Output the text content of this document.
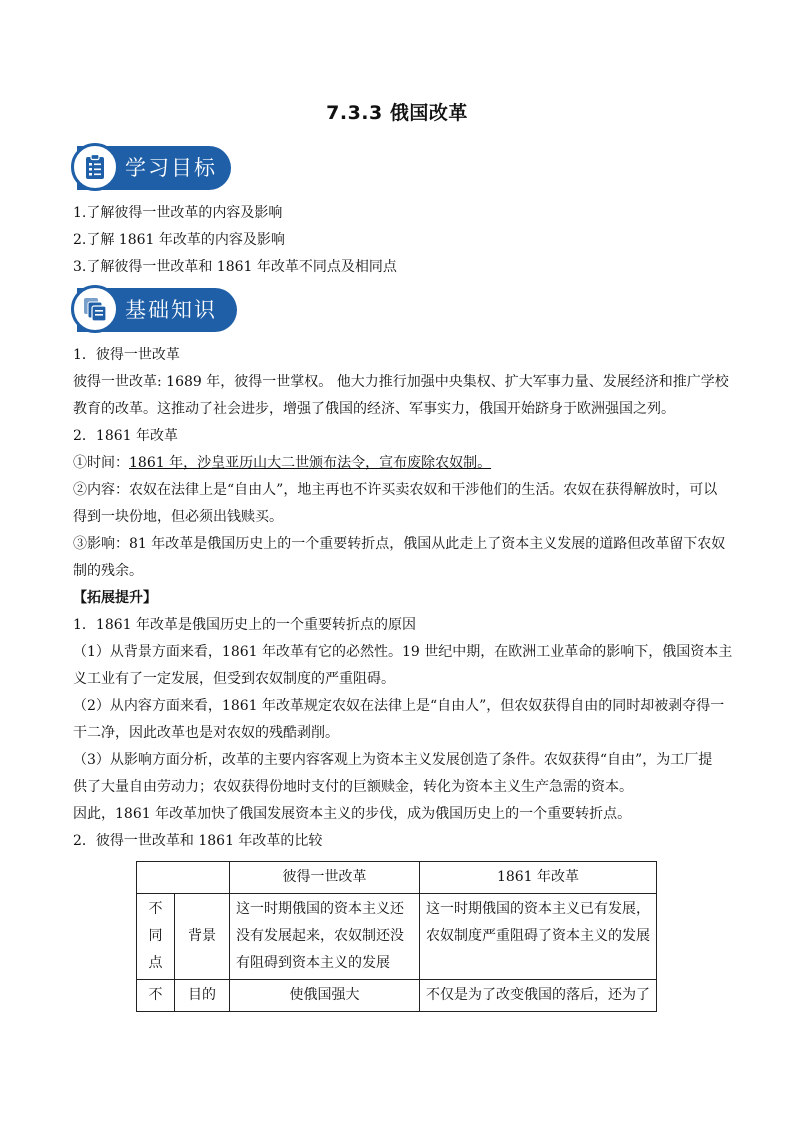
7.3.3 俄国改革
学习目标
1.了解彼得一世改革的内容及影响
2.了解 1861 年改革的内容及影响
3.了解彼得一世改革和 1861 年改革不同点及相同点
基础知识
1．彼得一世改革
彼得一世改革: 1689 年，彼得一世掌权。 他大力推行加强中央集权、扩大军事力量、发展经济和推广学校
教育的改革。这推动了社会进步，增强了俄国的经济、军事实力，俄国开始跻身于欧洲强国之列。
2．1861 年改革
①时间：1861 年，沙皇亚历山大二世颁布法令，宣布废除农奴制。
②内容：农奴在法律上是“自由人”，地主再也不许买卖农奴和干涉他们的生活。农奴在获得解放时，可以
得到一块份地，但必须出钱赎买。
③影响：81 年改革是俄国历史上的一个重要转折点，俄国从此走上了资本主义发展的道路但改革留下农奴
制的残余。
【拓展提升】
1．1861 年改革是俄国历史上的一个重要转折点的原因
（1）从背景方面来看，1861 年改革有它的必然性。19 世纪中期，在欧洲工业革命的影响下，俄国资本主
义工业有了一定发展，但受到农奴制度的严重阻碍。
（2）从内容方面来看，1861 年改革规定农奴在法律上是“自由人”，但农奴获得自由的同时却被剥夺得一
干二净，因此改革也是对农奴的残酷剥削。
（3）从影响方面分析，改革的主要内容客观上为资本主义发展创造了条件。农奴获得“自由”，为工厂提
供了大量自由劳动力；农奴获得份地时支付的巨额赎金，转化为资本主义生产急需的资本。
因此，1861 年改革加快了俄国发展资本主义的步伐，成为俄国历史上的一个重要转折点。
2．彼得一世改革和 1861 年改革的比较
		彼得一世改革	1861 年改革
不同点	背景	这一时期俄国的资本主义还没有发展起来，农奴制还没有阻碍到资本主义的发展	这一时期俄国的资本主义已有发展，农奴制度严重阻碍了资本主义的发展
不	目的	使俄国强大	不仅是为了改变俄国的落后，还为了
